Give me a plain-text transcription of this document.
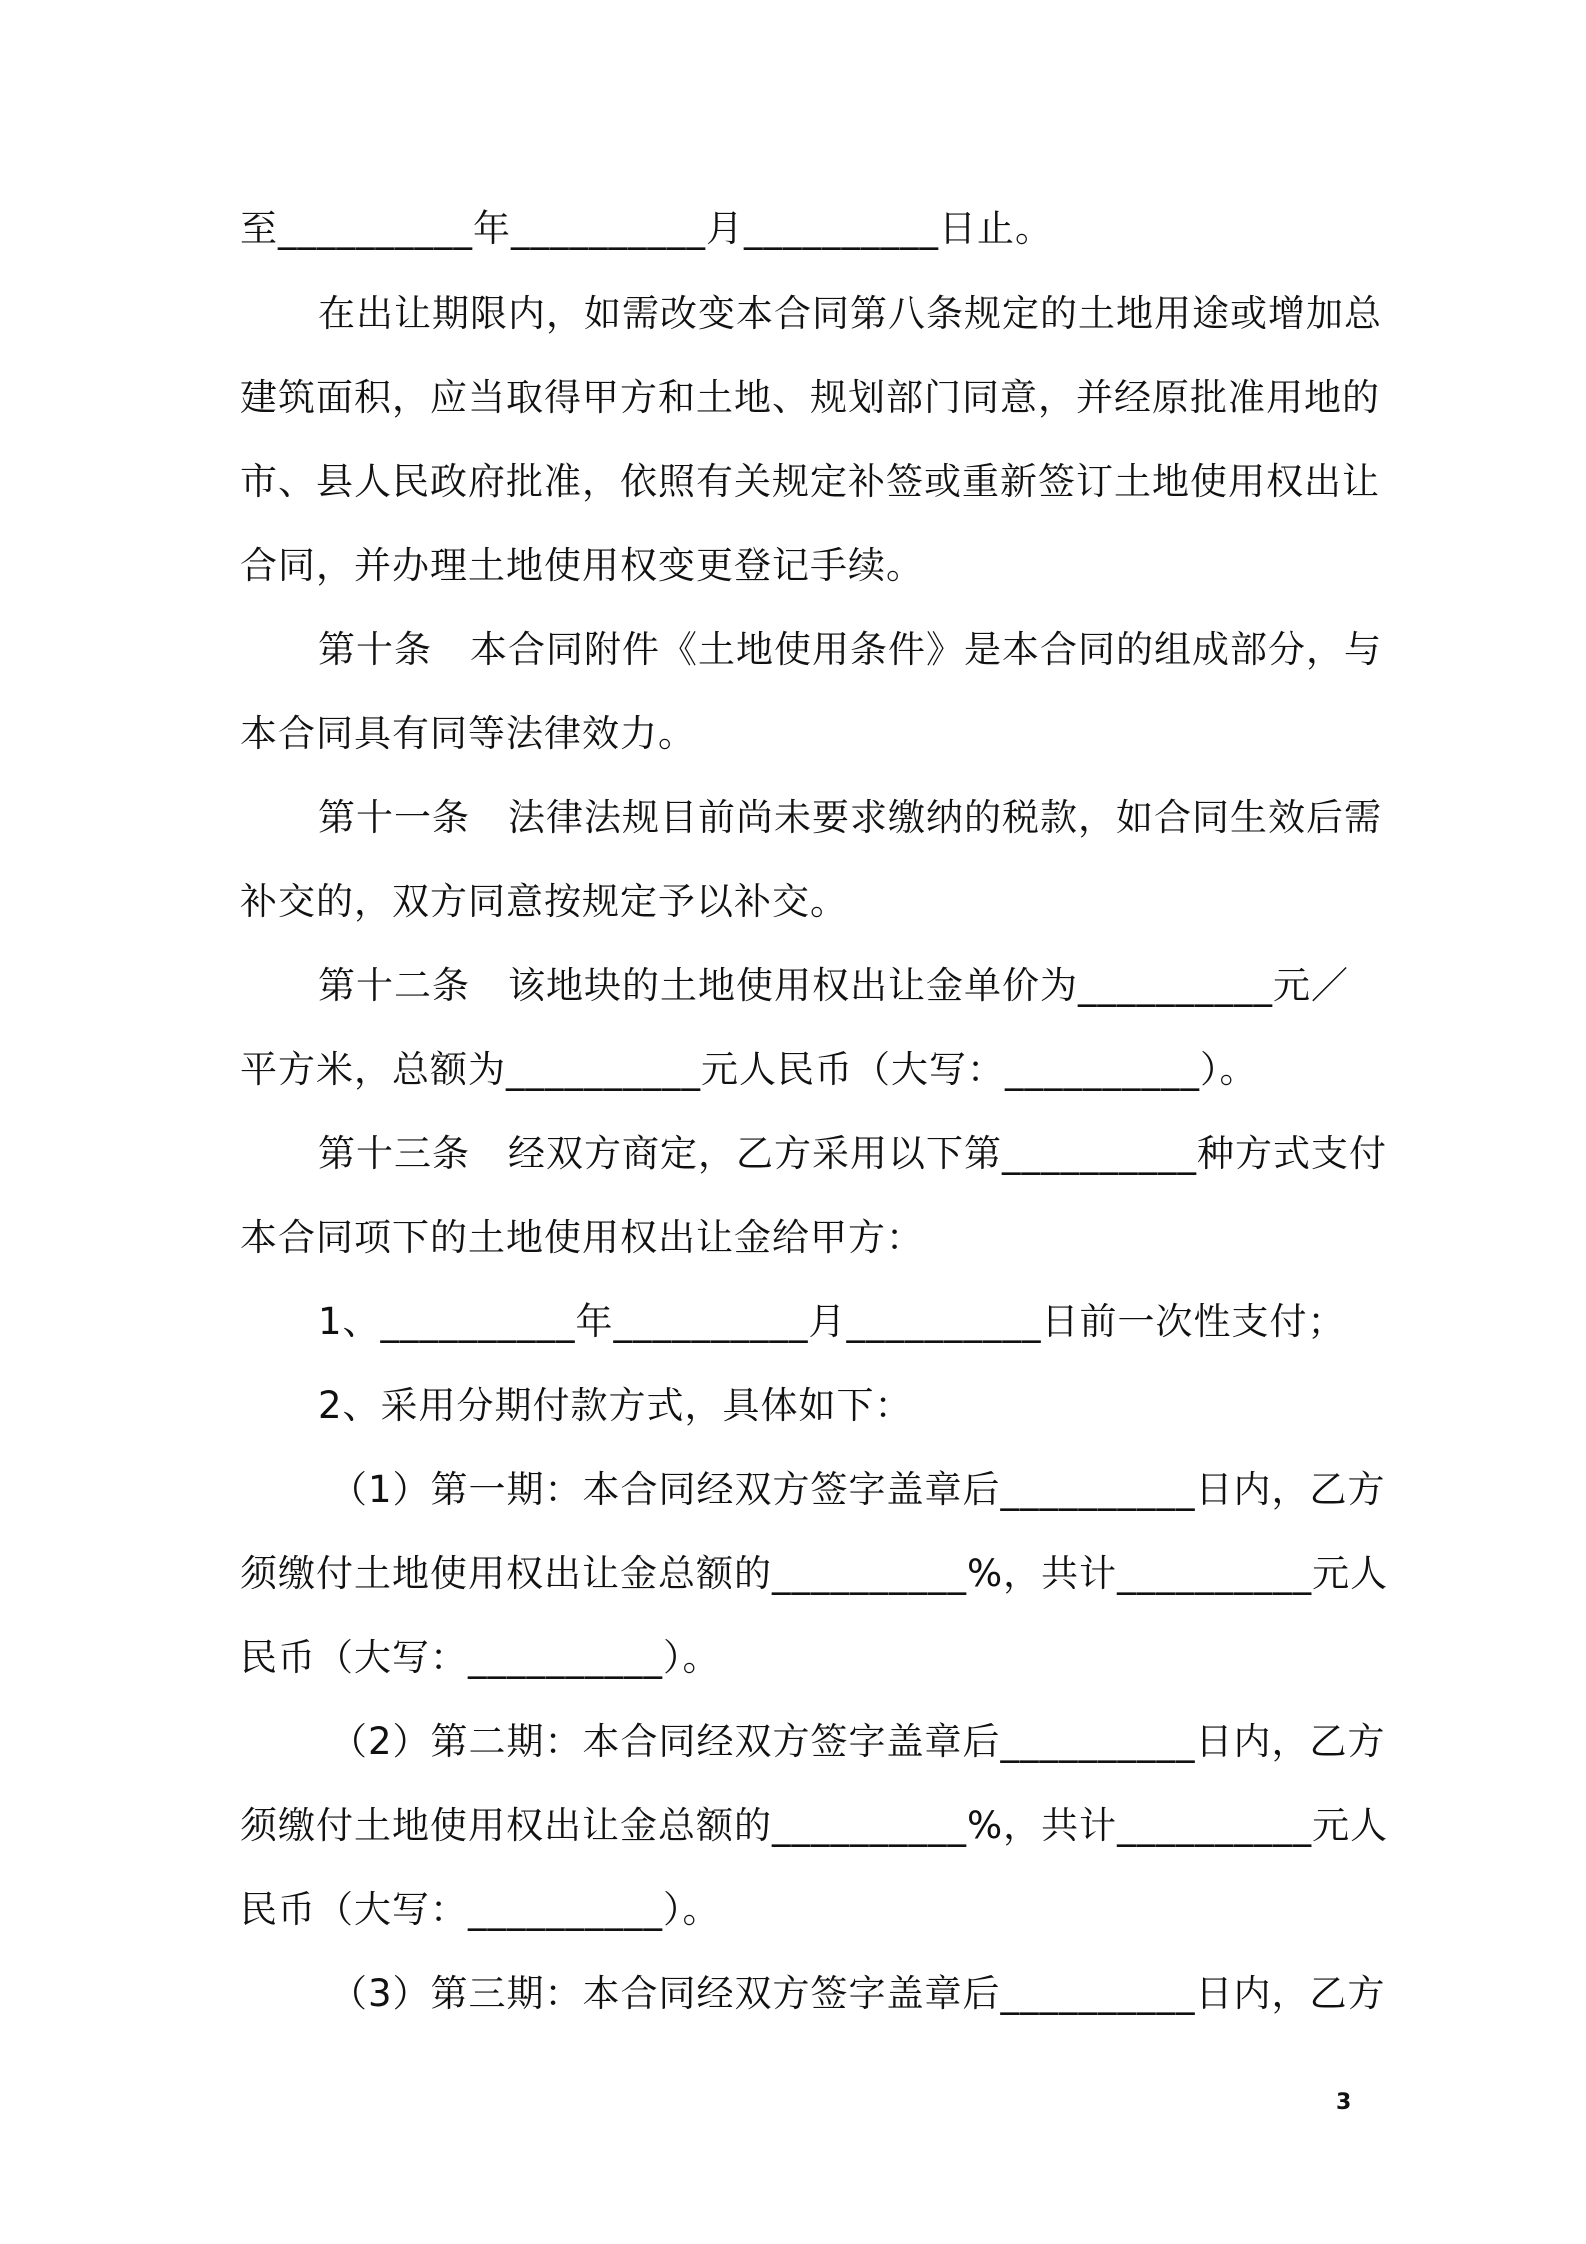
至__________年__________月__________日止。
在出让期限内，如需改变本合同第八条规定的土地用途或增加总
建筑面积，应当取得甲方和土地、规划部门同意，并经原批准用地的
市、县人民政府批准，依照有关规定补签或重新签订土地使用权出让
合同，并办理土地使用权变更登记手续。
第十条　本合同附件《土地使用条件》是本合同的组成部分，与
本合同具有同等法律效力。
第十一条　法律法规目前尚未要求缴纳的税款，如合同生效后需
补交的，双方同意按规定予以补交。
第十二条　该地块的土地使用权出让金单价为__________元／
平方米，总额为__________元人民币（大写：__________）。
第十三条　经双方商定，乙方采用以下第__________种方式支付
本合同项下的土地使用权出让金给甲方：
1、__________年__________月__________日前一次性支付；
2、采用分期付款方式，具体如下：
（1）第一期：本合同经双方签字盖章后__________日内，乙方
须缴付土地使用权出让金总额的__________%，共计__________元人
民币（大写：__________）。
（2）第二期：本合同经双方签字盖章后__________日内，乙方
须缴付土地使用权出让金总额的__________%，共计__________元人
民币（大写：__________）。
（3）第三期：本合同经双方签字盖章后__________日内，乙方
3
